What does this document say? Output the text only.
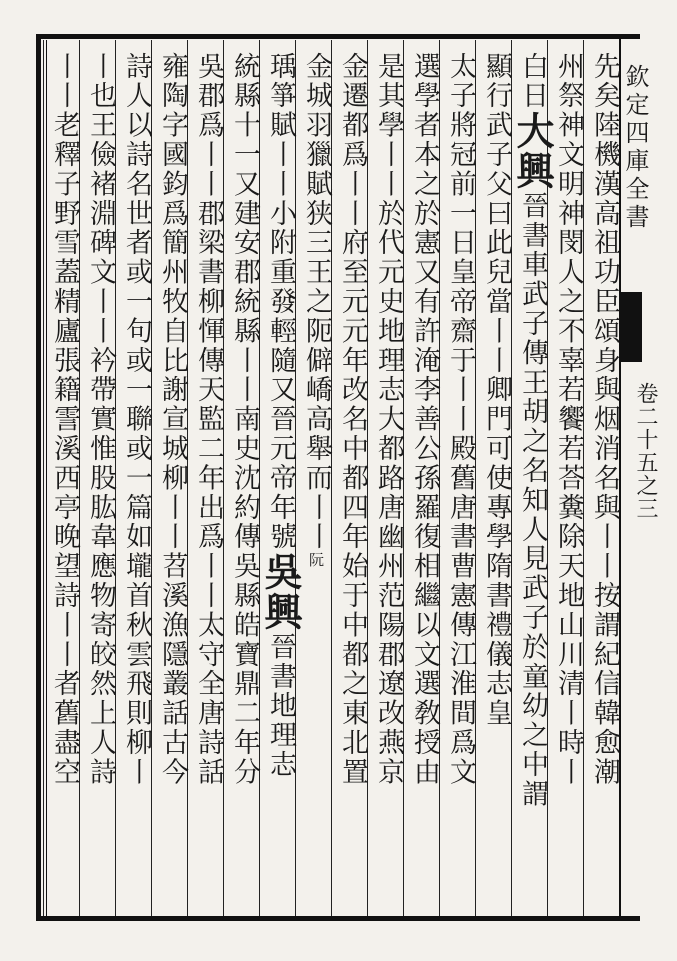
欽定四庫全書
卷二十五之三
先矣陸機漢高祖功臣頌身與烟消名與丨丨按謂紀信韓愈潮
州祭神文明神閔人之不辜若饗若荅糞除天地山川清丨時丨
白日大興晉書車武子傳王胡之名知人見武子於童幼之中謂
顯行武子父曰此兒當丨丨卿門可使專學隋書禮儀志皇
太子將冠前一日皇帝齋于丨丨殿舊唐書曹憲傳江淮間爲文
選學者本之於憲又有許淹李善公孫羅復相繼以文選敎授由
是其學丨丨於代元史地理志大都路唐幽州范陽郡遼改燕京
金遷都爲丨丨府至元元年改名中都四年始于中都之東北置
金城羽獵賦狭三王之阨僻嶠高舉而丨丨阮
瑀箏賦丨丨小附重發輕隨又晉元帝年號吳興晉書地理志
統縣十一又建安郡統縣丨丨南史沈約傳吳縣皓寶鼎二年分
吳郡爲丨丨郡梁書柳惲傳天監二年出爲丨丨太守全唐詩話
雍陶字國鈞爲簡州牧自比謝宣城柳丨丨苕溪漁隱叢話古今
詩人以詩名世者或一句或一聯或一篇如壠首秋雲飛則柳丨
丨也王儉褚淵碑文丨丨衿帶實惟股肱韋應物寄皎然上人詩
丨丨老釋子野雪蓋精廬張籍霅溪西亭晚望詩丨丨者舊盡空
